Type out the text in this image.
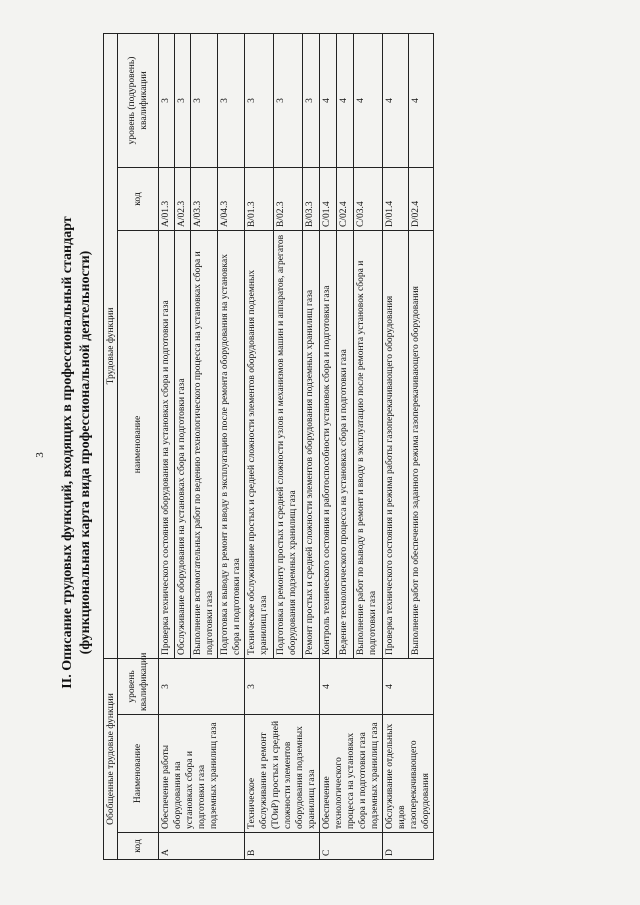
3 II. Описание трудовых функций, входящих в профессиональный стандарт (функциональная карта вида профессиональной деятельности)
Обобщенные трудовые функции			Трудовые функции		
код	Наименование	уровень квалификации	наименование	код	уровень (подуровень) квалификации
A	Обеспечение работы оборудования на установках сбора и подготовки газа подземных хранилищ газа	3	Проверка технического состояния оборудования на установках сбора и подготовки газа	A/01.3	3
			Обслуживание оборудования на установках сбора и подготовки газа	A/02.3	3
			Выполнение вспомогательных работ по ведению технологического процесса на установках сбора и подготовки газа	A/03.3	3
			Подготовка к выводу в ремонт и вводу в эксплуатацию после ремонта оборудования на установках сбора и подготовки газа	A/04.3	3
B	Техническое обслуживание и ремонт (ТОиР) простых и средней сложности элементов оборудования подземных хранилищ газа	3	Техническое обслуживание простых и средней сложности элементов оборудования подземных хранилищ газа	B/01.3	3
			Подготовка к ремонту простых и средней сложности узлов и механизмов машин и аппаратов, агрегатов оборудования подземных хранилищ газа	B/02.3	3
			Ремонт простых и средней сложности элементов оборудования подземных хранилищ газа	B/03.3	3
C	Обеспечение технологического процесса на установках сбора и подготовки газа подземных хранилищ газа	4	Контроль технического состояния и работоспособности установок сбора и подготовки газа	C/01.4	4
			Ведение технологического процесса на установках сбора и подготовки газа	C/02.4	4
			Выполнение работ по выводу в ремонт и вводу в эксплуатацию после ремонта установок сбора и подготовки газа	C/03.4	4
D	Обслуживание отдельных видов газоперекачивающего оборудования	4	Проверка технического состояния и режима работы газоперекачивающего оборудования	D/01.4	4
			Выполнение работ по обеспечению заданного режима газоперекачивающего оборудования	D/02.4	4
